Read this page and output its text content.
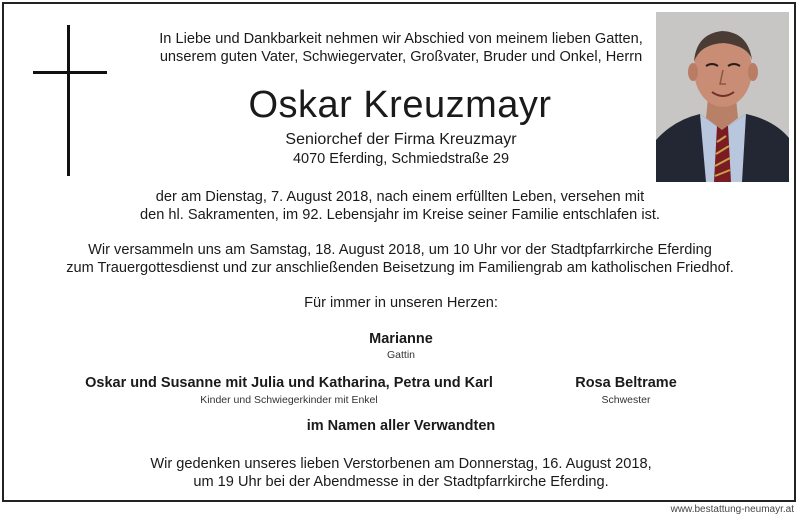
In Liebe und Dankbarkeit nehmen wir Abschied von meinem lieben Gatten,
unserem guten Vater, Schwiegervater, Großvater, Bruder und Onkel, Herrn
Oskar Kreuzmayr
Seniorchef der Firma Kreuzmayr
4070 Eferding, Schmiedstraße 29
der am Dienstag, 7. August 2018, nach einem erfüllten Leben, versehen mit
den hl. Sakramenten, im 92. Lebensjahr im Kreise seiner Familie entschlafen ist.
Wir versammeln uns am Samstag, 18. August 2018, um 10 Uhr vor der Stadtpfarrkirche Eferding
zum Trauergottesdienst und zur anschließenden Beisetzung im Familiengrab am katholischen Friedhof.
Für immer in unseren Herzen:
Marianne
Gattin
Oskar und Susanne mit Julia und Katharina, Petra und Karl
Kinder und Schwiegerkinder mit Enkel
Rosa Beltrame
Schwester
im Namen aller Verwandten
Wir gedenken unseres lieben Verstorbenen am Donnerstag, 16. August 2018,
um 19 Uhr bei der Abendmesse in der Stadtpfarrkirche Eferding.
www.bestattung-neumayr.at
